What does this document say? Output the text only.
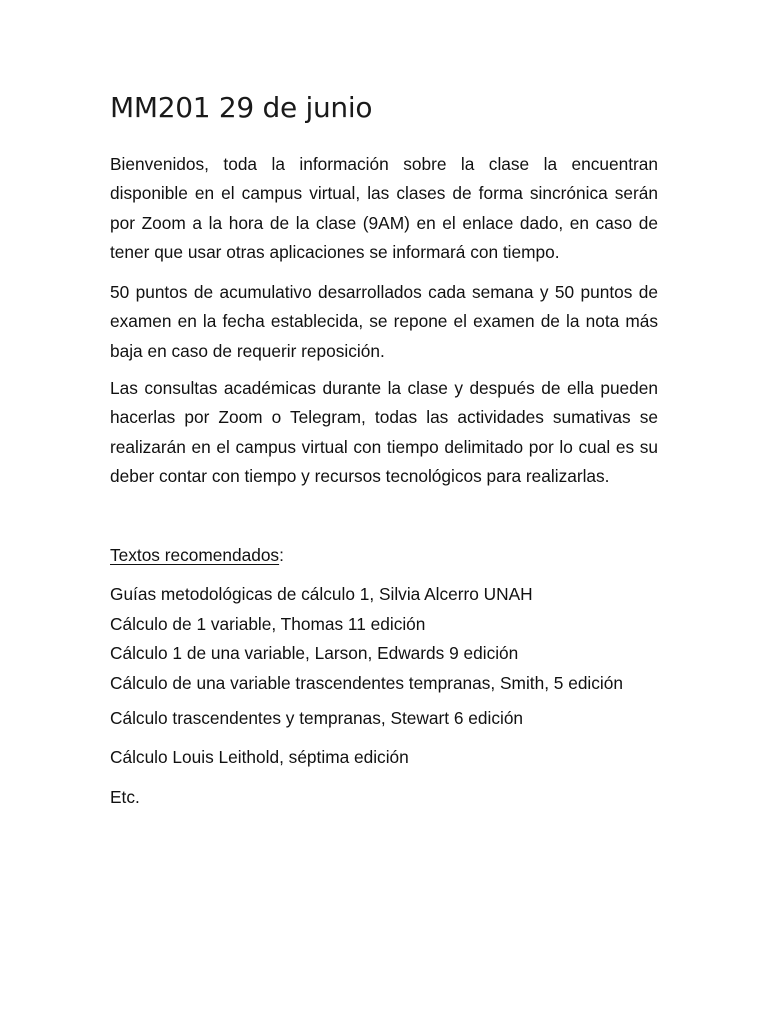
MM201 29 de junio

Bienvenidos, toda la información sobre la clase la encuentran disponible en el campus virtual, las clases de forma sincrónica serán por Zoom a la hora de la clase (9AM) en el enlace dado, en caso de tener que usar otras aplicaciones se informará con tiempo.

50 puntos de acumulativo desarrollados cada semana y 50 puntos de examen en la fecha establecida, se repone el examen de la nota más baja en caso de requerir reposición.

Las consultas académicas durante la clase y después de ella pueden hacerlas por Zoom o Telegram, todas las actividades sumativas se realizarán en el campus virtual con tiempo delimitado por lo cual es su deber contar con tiempo y recursos tecnológicos para realizarlas.

Textos recomendados:

Guías metodológicas de cálculo 1, Silvia Alcerro UNAH

Cálculo de 1 variable, Thomas 11 edición

Cálculo 1 de una variable, Larson, Edwards 9 edición

Cálculo de una variable trascendentes tempranas, Smith, 5 edición

Cálculo trascendentes y tempranas, Stewart 6 edición

Cálculo Louis Leithold, séptima edición

Etc.
